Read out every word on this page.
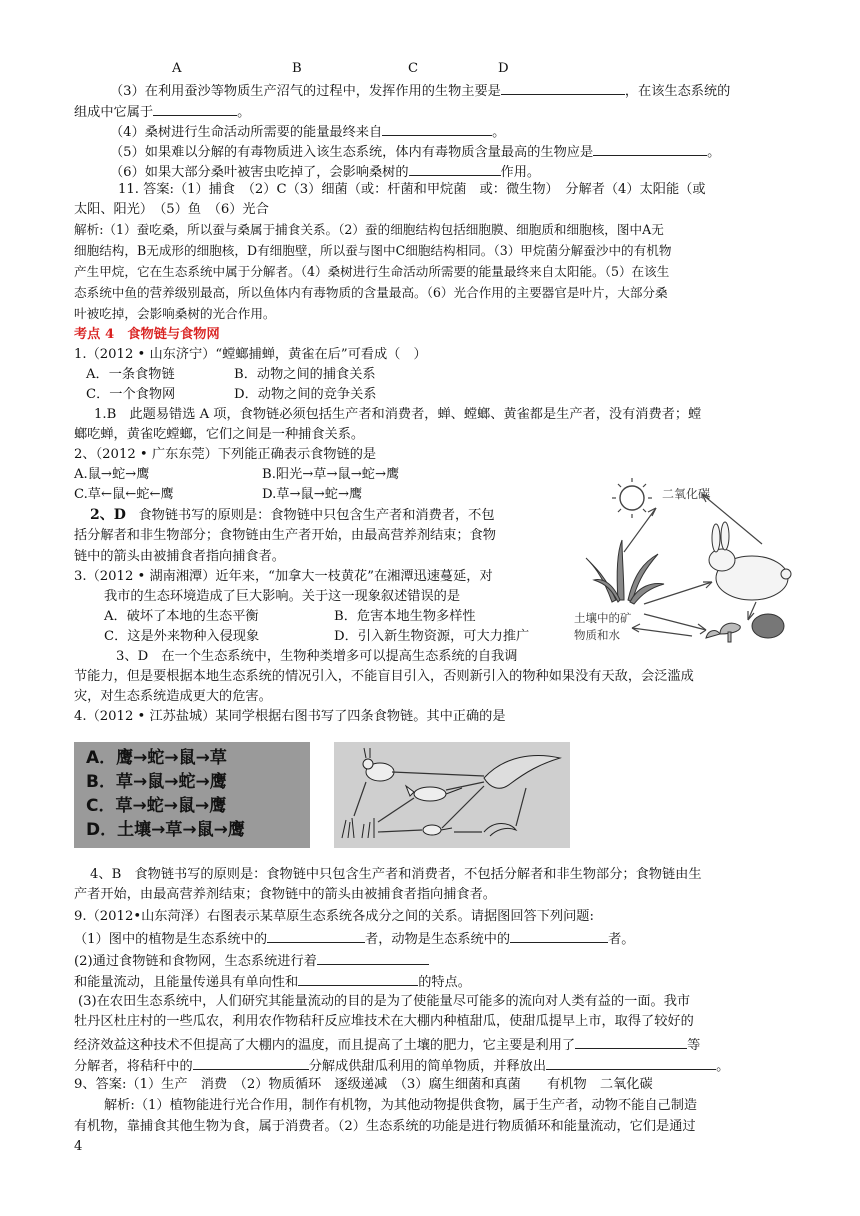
A	B	C	D
（3）在利用蚕沙等物质生产沼气的过程中，发挥作用的生物主要是	，在该生态系统的
组成中它属于	。
（4）桑树进行生命活动所需要的能量最终来自	。
（5）如果难以分解的有毒物质进入该生态系统，体内有毒物质含量最高的生物应是	。
（6）如果大部分桑叶被害虫吃掉了，会影响桑树的	作用。
11. 答案:（1）捕食　（2）C（3）细菌（或：杆菌和甲烷菌　或：微生物）　分解者（4）太阳能（或
太阳、阳光）　（5）鱼　（6）光合
解析:（1）蚕吃桑，所以蚕与桑属于捕食关系。（2）蚕的细胞结构包括细胞膜、细胞质和细胞核，图中A无
细胞结构，B无成形的细胞核，D有细胞壁，所以蚕与图中C细胞结构相同。（3）甲烷菌分解蚕沙中的有机物
产生甲烷，它在生态系统中属于分解者。（4）桑树进行生命活动所需要的能量最终来自太阳能。（5）在该生
态系统中鱼的营养级别最高，所以鱼体内有毒物质的含量最高。（6）光合作用的主要器官是叶片，大部分桑
叶被吃掉，会影响桑树的光合作用。
考点 4　食物链与食物网
1.（2012 • 山东济宁）“螳螂捕蝉，黄雀在后”可看成（　）
A．一条食物链	B．动物之间的捕食关系
C．一个食物网	D．动物之间的竞争关系
1.B　此题易错选 A 项，食物链必须包括生产者和消费者，蝉、螳螂、黄雀都是生产者，没有消费者；螳
螂吃蝉，黄雀吃螳螂，它们之间是一种捕食关系。
2、（2012 • 广东东莞）下列能正确表示食物链的是
A.鼠→蛇→鹰	B.阳光→草→鼠→蛇→鹰
C.草←鼠←蛇←鹰	D.草→鼠→蛇→鹰
2、D 食物链书写的原则是：食物链中只包含生产者和消费者，不包
括分解者和非生物部分；食物链由生产者开始，由最高营养剂结束；食物
链中的箭头由被捕食者指向捕食者。
3.（2012 • 湖南湘潭）近年来，“加拿大一枝黄花”在湘潭迅速蔓延，对
我市的生态环境造成了巨大影响。关于这一现象叙述错误的是
A．破坏了本地的生态平衡	B．危害本地生物多样性
C．这是外来物种入侵现象	D．引入新生物资源，可大力推广
3、D　在一个生态系统中，生物种类增多可以提高生态系统的自我调
节能力，但是要根据本地生态系统的情况引入，不能盲目引入，否则新引入的物种如果没有天敌，会泛滥成
灾，对生态系统造成更大的危害。
二氧化碳
土壤中的矿
物质和水
4.（2012 • 江苏盐城）某同学根据右图书写了四条食物链。其中正确的是
A．鹰→蛇→鼠→草
B．草→鼠→蛇→鹰
C．草→蛇→鼠→鹰
D．土壤→草→鼠→鹰
4、B　食物链书写的原则是：食物链中只包含生产者和消费者，不包括分解者和非生物部分；食物链由生
产者开始，由最高营养剂结束；食物链中的箭头由被捕食者指向捕食者。
9.（2012•山东菏泽）右图表示某草原生态系统各成分之间的关系。请据图回答下列问题:
（1）图中的植物是生态系统中的	者，动物是生态系统中的	者。
(2)通过食物链和食物网，生态系统进行着
和能量流动，且能量传递具有单向性和	的特点。
(3)在农田生态系统中，人们研究其能量流动的目的是为了使能量尽可能多的流向对人类有益的一面。我市
牡丹区杜庄村的一些瓜农，利用农作物秸秆反应堆技术在大棚内种植甜瓜，使甜瓜提早上市，取得了较好的
经济效益这种技术不但提高了大棚内的温度，而且提高了土壤的肥力，它主要是利用了	等
分解者，将秸秆中的	分解成供甜瓜利用的简单物质，并释放出	。
9、答案:（1）生产　消费　（2）物质循环　逐级递减　（3）腐生细菌和真菌　　有机物　二氧化碳
解析:（1）植物能进行光合作用，制作有机物，为其他动物提供食物，属于生产者，动物不能自己制造
有机物，靠捕食其他生物为食，属于消费者。（2）生态系统的功能是进行物质循环和能量流动，它们是通过
4
